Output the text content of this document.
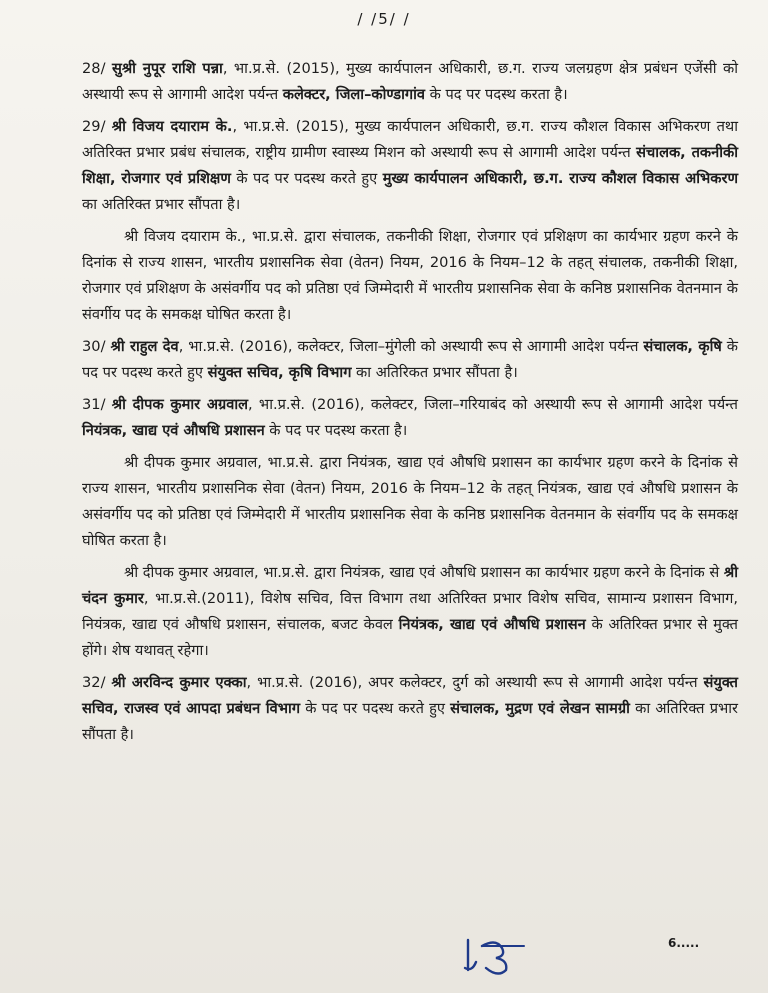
/ /5/ /

28/ सुश्री नुपूर राशि पन्ना, भा.प्र.से. (2015), मुख्य कार्यपालन अधिकारी, छ.ग. राज्य जलग्रहण क्षेत्र प्रबंधन एजेंसी को अस्थायी रूप से आगामी आदेश पर्यन्त कलेक्टर, जिला–कोण्डागांव के पद पर पदस्थ करता है।

29/ श्री विजय दयाराम के., भा.प्र.से. (2015), मुख्य कार्यपालन अधिकारी, छ.ग. राज्य कौशल विकास अभिकरण तथा अतिरिक्त प्रभार प्रबंध संचालक, राष्ट्रीय ग्रामीण स्वास्थ्य मिशन को अस्थायी रूप से आगामी आदेश पर्यन्त संचालक, तकनीकी शिक्षा, रोजगार एवं प्रशिक्षण के पद पर पदस्थ करते हुए मुख्य कार्यपालन अधिकारी, छ.ग. राज्य कौशल विकास अभिकरण का अतिरिक्त प्रभार सौंपता है।

श्री विजय दयाराम के., भा.प्र.से. द्वारा संचालक, तकनीकी शिक्षा, रोजगार एवं प्रशिक्षण का कार्यभार ग्रहण करने के दिनांक से राज्य शासन, भारतीय प्रशासनिक सेवा (वेतन) नियम, 2016 के नियम–12 के तहत् संचालक, तकनीकी शिक्षा, रोजगार एवं प्रशिक्षण के असंवर्गीय पद को प्रतिष्ठा एवं जिम्मेदारी में भारतीय प्रशासनिक सेवा के कनिष्ठ प्रशासनिक वेतनमान के संवर्गीय पद के समकक्ष घोषित करता है।

30/ श्री राहुल देव, भा.प्र.से. (2016), कलेक्टर, जिला–मुंगेली को अस्थायी रूप से आगामी आदेश पर्यन्त संचालक, कृषि के पद पर पदस्थ करते हुए संयुक्त सचिव, कृषि विभाग का अतिरिकत प्रभार सौंपता है।

31/ श्री दीपक कुमार अग्रवाल, भा.प्र.से. (2016), कलेक्टर, जिला–गरियाबंद को अस्थायी रूप से आगामी आदेश पर्यन्त नियंत्रक, खाद्य एवं औषधि प्रशासन के पद पर पदस्थ करता है।

श्री दीपक कुमार अग्रवाल, भा.प्र.से. द्वारा नियंत्रक, खाद्य एवं औषधि प्रशासन का कार्यभार ग्रहण करने के दिनांक से राज्य शासन, भारतीय प्रशासनिक सेवा (वेतन) नियम, 2016 के नियम–12 के तहत् नियंत्रक, खाद्य एवं औषधि प्रशासन के असंवर्गीय पद को प्रतिष्ठा एवं जिम्मेदारी में भारतीय प्रशासनिक सेवा के कनिष्ठ प्रशासनिक वेतनमान के संवर्गीय पद के समकक्ष घोषित करता है।

श्री दीपक कुमार अग्रवाल, भा.प्र.से. द्वारा नियंत्रक, खाद्य एवं औषधि प्रशासन का कार्यभार ग्रहण करने के दिनांक से श्री चंदन कुमार, भा.प्र.से.(2011), विशेष सचिव, वित्त विभाग तथा अतिरिक्त प्रभार विशेष सचिव, सामान्य प्रशासन विभाग, नियंत्रक, खाद्य एवं औषधि प्रशासन, संचालक, बजट केवल नियंत्रक, खाद्य एवं औषधि प्रशासन के अतिरिक्त प्रभार से मुक्त होंगे। शेष यथावत् रहेगा।

32/ श्री अरविन्द कुमार एक्का, भा.प्र.से. (2016), अपर कलेक्टर, दुर्ग को अस्थायी रूप से आगामी आदेश पर्यन्त संयुक्त सचिव, राजस्व एवं आपदा प्रबंधन विभाग के पद पर पदस्थ करते हुए संचालक, मुद्रण एवं लेखन सामग्री का अतिरिक्त प्रभार सौंपता है।

6.....
